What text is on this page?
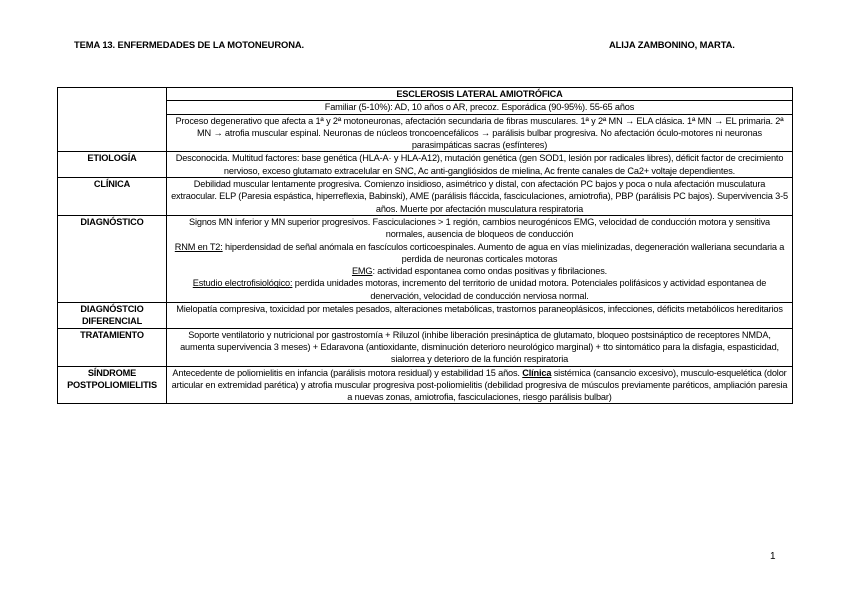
TEMA 13. ENFERMEDADES DE LA MOTONEURONA.	ALIJA ZAMBONINO, MARTA.
	ESCLEROSIS LATERAL AMIOTRÓFICA
	Familiar (5-10%): AD, 10 años o AR, precoz. Esporádica (90-95%). 55-65 años
	Proceso degenerativo que afecta a 1ª y 2ª motoneuronas, afectación secundaria de fibras musculares. 1ª y 2ª MN → ELA clásica. 1ª MN → EL primaria. 2ª MN → atrofia muscular espinal. Neuronas de núcleos troncoencefálicos → parálisis bulbar progresiva. No afectación óculo-motores ni neuronas parasimpáticas sacras (esfínteres)
ETIOLOGÍA	Desconocida. Multitud factores: base genética (HLA-A· y HLA-A12), mutación genética (gen SOD1, lesión por radicales libres), déficit factor de crecimiento nervioso, exceso glutamato extracelular en SNC, Ac anti-gangliósidos de mielina, Ac frente canales de Ca2+ voltaje dependientes.
CLÍNICA	Debilidad muscular lentamente progresiva. Comienzo insidioso, asimétrico y distal, con afectación PC bajos y poca o nula afectación musculatura extraocular. ELP (Paresia espástica, hiperreflexia, Babinski), AME (parálisis fláccida, fasciculaciones, amiotrofia), PBP (parálisis PC bajos). Supervivencia 3-5 años. Muerte por afectación musculatura respiratoria
DIAGNÓSTICO	Signos MN inferior y MN superior progresivos. Fasciculaciones > 1 región, cambios neurogénicos EMG, velocidad de conducción motora y sensitiva normales, ausencia de bloqueos de conducción
RNM en T2: hiperdensidad de señal anómala en fascículos corticoespinales. Aumento de agua en vías mielinizadas, degeneración walleriana secundaria a perdida de neuronas corticales motoras
EMG: actividad espontanea como ondas positivas y fibrilaciones.
Estudio electrofisiológico: perdida unidades motoras, incremento del territorio de unidad motora. Potenciales polifásicos y actividad espontanea de denervación, velocidad de conducción nerviosa normal.

DIAGNÓSTCIO DIFERENCIAL	Mielopatía compresiva, toxicidad por metales pesados, alteraciones metabólicas, trastornos paraneoplásicos, infecciones, déficits metabólicos hereditarios
TRATAMIENTO	Soporte ventilatorio y nutricional por gastrostomía + Riluzol (inhibe liberación presináptica de glutamato, bloqueo postsináptico de receptores NMDA, aumenta supervivencia 3 meses) + Edaravona (antioxidante, disminución deterioro neurológico marginal) + tto sintomático para la disfagia, espasticidad, sialorrea y deterioro de la función respiratoria
SÍNDROME POSTPOLIOMIELITIS	Antecedente de poliomielitis en infancia (parálisis motora residual) y estabilidad 15 años. Clínica sistémica (cansancio excesivo), musculo-esquelética (dolor articular en extremidad parética) y atrofia muscular progresiva post-poliomielitis (debilidad progresiva de músculos previamente paréticos, ampliación paresia a nuevas zonas, amiotrofia, fasciculaciones, riesgo parálisis bulbar)
1
